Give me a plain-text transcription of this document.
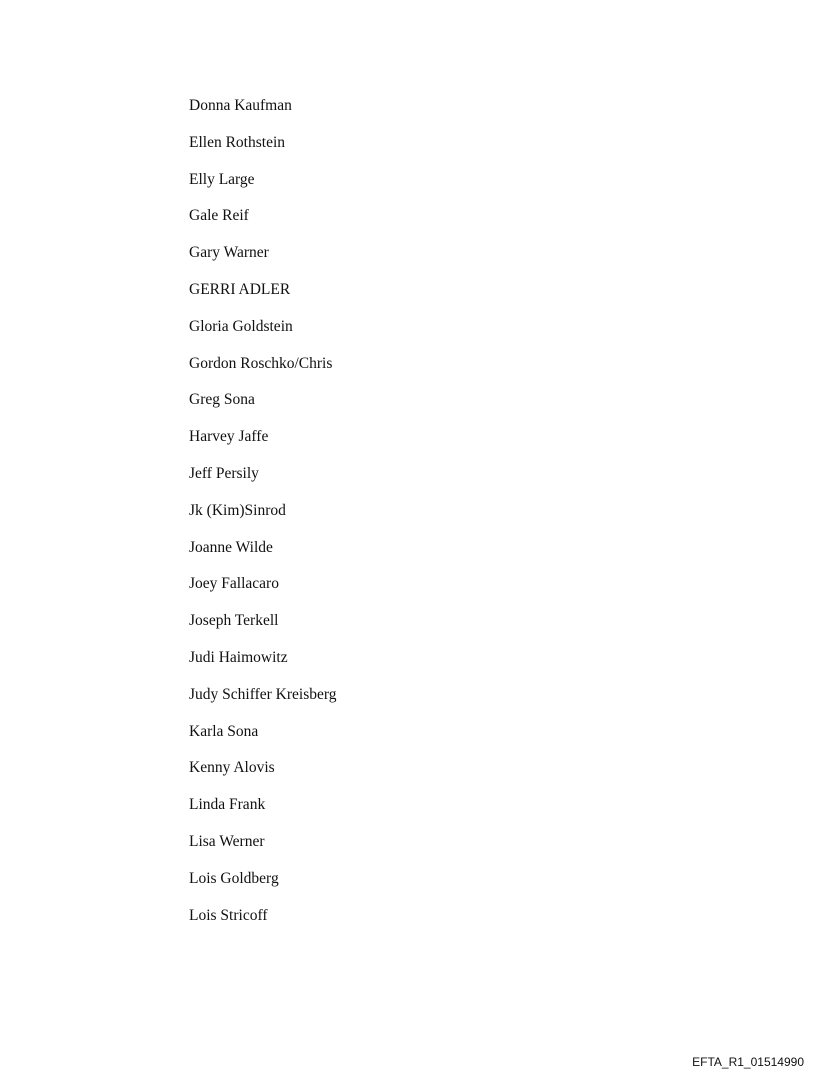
Donna Kaufman
Ellen Rothstein
Elly Large
Gale Reif
Gary Warner
GERRI ADLER
Gloria Goldstein
Gordon Roschko/Chris
Greg Sona
Harvey Jaffe
Jeff Persily
Jk (Kim)Sinrod
Joanne Wilde
Joey Fallacaro
Joseph Terkell
Judi Haimowitz
Judy Schiffer Kreisberg
Karla Sona
Kenny Alovis
Linda Frank
Lisa Werner
Lois Goldberg
Lois Stricoff
EFTA_R1_01514990
